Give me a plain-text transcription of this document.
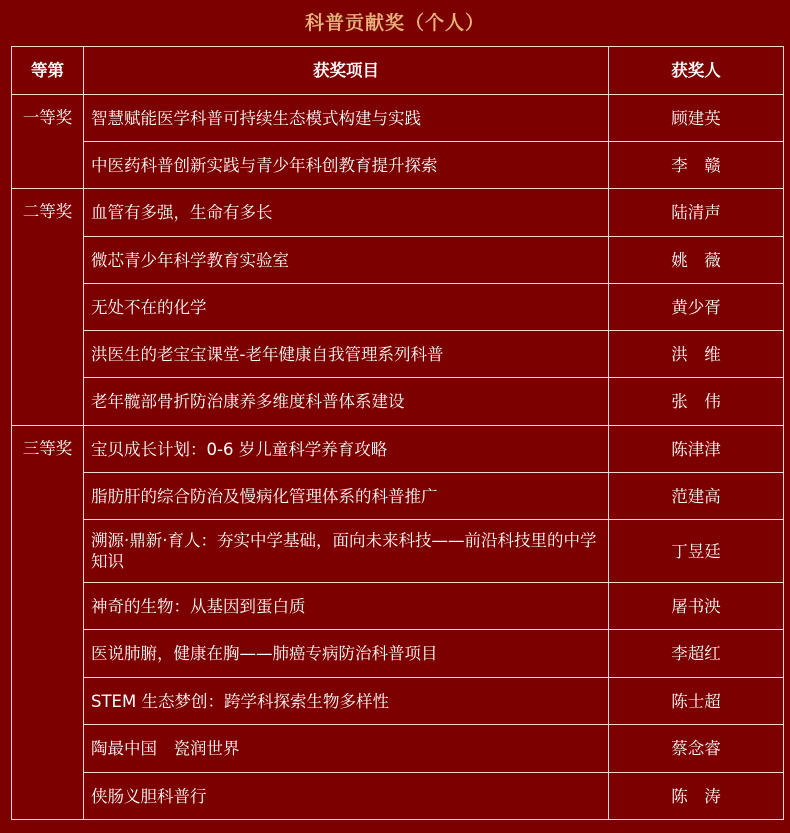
科普贡献奖（个人）
等第	获奖项目	获奖人
一等奖	智慧赋能医学科普可持续生态模式构建与实践	顾建英
	中医药科普创新实践与青少年科创教育提升探索	李　赣
二等奖	血管有多强，生命有多长	陆清声
	微芯青少年科学教育实验室	姚　薇
	无处不在的化学	黄少胥
	洪医生的老宝宝课堂-老年健康自我管理系列科普	洪　维
	老年髋部骨折防治康养多维度科普体系建设	张　伟
三等奖	宝贝成长计划：0-6 岁儿童科学养育攻略	陈津津
	脂肪肝的综合防治及慢病化管理体系的科普推广	范建高
	溯源·鼎新·育人：夯实中学基础，面向未来科技——前沿科技里的中学知识	丁昱廷
	神奇的生物：从基因到蛋白质	屠书泱
	医说肺腑，健康在胸——肺癌专病防治科普项目	李超红
	STEM 生态梦创：跨学科探索生物多样性	陈士超
	陶最中国　瓷润世界	蔡念睿
	侠肠义胆科普行	陈　涛
